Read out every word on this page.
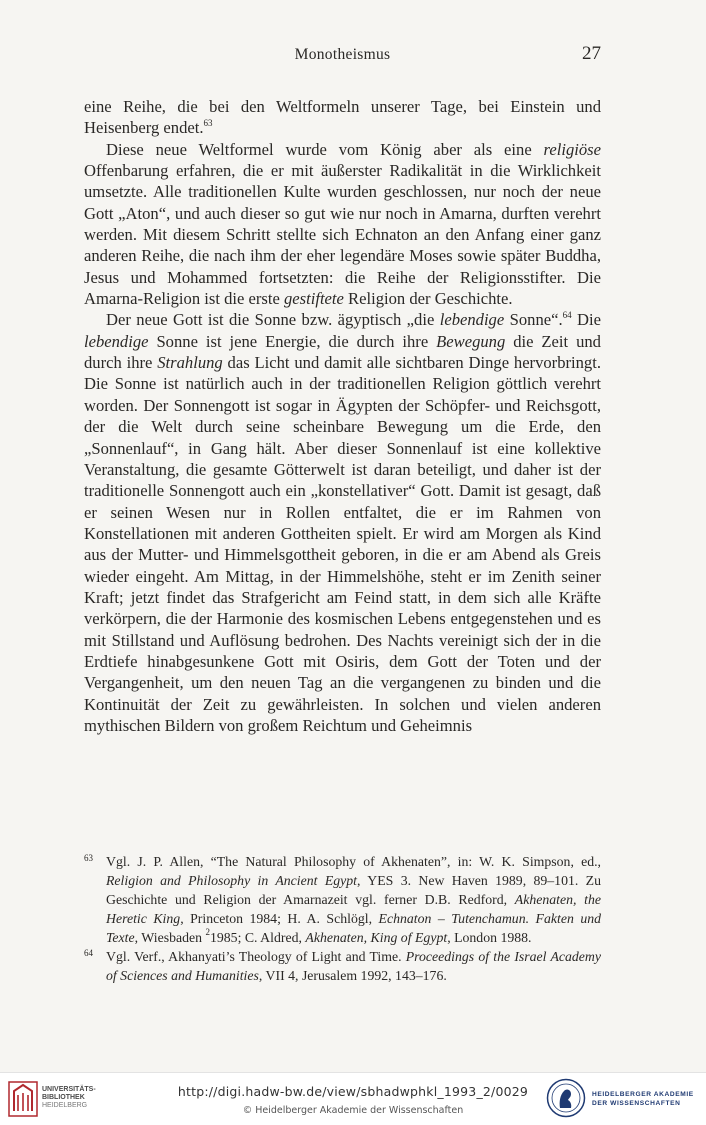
Monotheismus	27

eine Reihe, die bei den Weltformeln unserer Tage, bei Einstein und Heisenberg endet.$^{63}$

Diese neue Weltformel wurde vom König aber als eine religiöse Offenbarung erfahren, die er mit äußerster Radikalität in die Wirklichkeit umsetzte. Alle traditionellen Kulte wurden geschlossen, nur noch der neue Gott „Aton“, und auch dieser so gut wie nur noch in Amarna, durften verehrt werden. Mit diesem Schritt stellte sich Echnaton an den Anfang einer ganz anderen Reihe, die nach ihm der eher legendäre Moses sowie später Buddha, Jesus und Mohammed fortsetzten: die Reihe der Religionsstifter. Die Amarna-Religion ist die erste gestiftete Religion der Geschichte.

Der neue Gott ist die Sonne bzw. ägyptisch „die lebendige Sonne“.$^{64}$ Die lebendige Sonne ist jene Energie, die durch ihre Bewegung die Zeit und durch ihre Strahlung das Licht und damit alle sichtbaren Dinge hervorbringt. Die Sonne ist natürlich auch in der traditionellen Religion göttlich verehrt worden. Der Sonnengott ist sogar in Ägypten der Schöpfer- und Reichsgott, der die Welt durch seine scheinbare Bewegung um die Erde, den „Sonnenlauf“, in Gang hält. Aber dieser Sonnenlauf ist eine kollektive Veranstaltung, die gesamte Götterwelt ist daran beteiligt, und daher ist der traditionelle Sonnengott auch ein „konstellativer“ Gott. Damit ist gesagt, daß er seinen Wesen nur in Rollen entfaltet, die er im Rahmen von Konstellationen mit anderen Gottheiten spielt. Er wird am Morgen als Kind aus der Mutter- und Himmelsgottheit geboren, in die er am Abend als Greis wieder eingeht. Am Mittag, in der Himmelshöhe, steht er im Zenith seiner Kraft; jetzt findet das Strafgericht am Feind statt, in dem sich alle Kräfte verkörpern, die der Harmonie des kosmischen Lebens entgegenstehen und es mit Stillstand und Auflösung bedrohen. Des Nachts vereinigt sich der in die Erdtiefe hinabgesunkene Gott mit Osiris, dem Gott der Toten und der Vergangenheit, um den neuen Tag an die vergangenen zu binden und die Kontinuität der Zeit zu gewährleisten. In solchen und vielen anderen mythischen Bildern von großem Reichtum und Geheimnis

63 Vgl. J. P. Allen, “The Natural Philosophy of Akhenaten”, in: W. K. Simpson, ed., Religion and Philosophy in Ancient Egypt, YES 3. New Haven 1989, 89–101. Zu Geschichte und Religion der Amarnazeit vgl. ferner D.B. Redford, Akhenaten, the Heretic King, Princeton 1984; H. A. Schlögl, Echnaton – Tutenchamun. Fakten und Texte, Wiesbaden $^2$1985; C. Aldred, Akhenaten, King of Egypt, London 1988.

64 Vgl. Verf., Akhanyati’s Theology of Light and Time. Proceedings of the Israel Academy of Sciences and Humanities, VII 4, Jerusalem 1992, 143–176.

UNIVERSITÄTS-
BIBLIOTHEK
HEIDELBERG
http://digi.hadw-bw.de/view/sbhadwphkl_1993_2/0029
© Heidelberger Akademie der Wissenschaften
HEIDELBERGER AKADEMIE
DER WISSENSCHAFTEN
